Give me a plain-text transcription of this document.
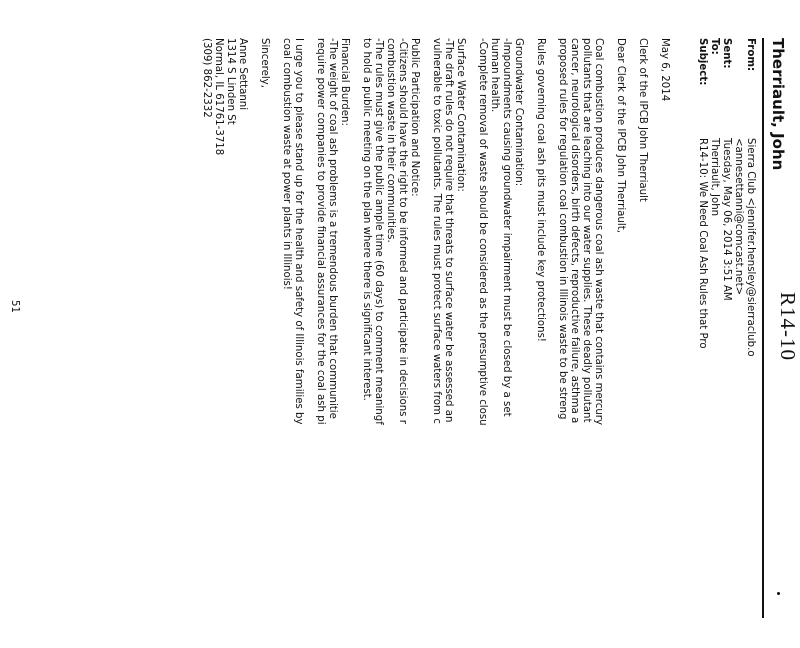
R14-10
Therriault, John
From:Sierra Club <jennifer.hensley@sierraclub.o
<annesettanni@comcast.net>
Sent:Tuesday, May 06, 2014 3:51 AM
To:Therriault, John
Subject:R14-10: We Need Coal Ash Rules that Pro
May 6, 2014
Clerk of the IPCB John Therriault
Dear Clerk of the IPCB John Therriault,
Coal combustion produces dangerous coal ash waste that contains mercury
pollutants that are leaching into our water supplies. These deadly pollutant
cancer, neurological disorders, birth defects, reproductive failure, asthma a
proposed rules for regulation coal combustion in Illinois waste to be streng
Rules governing coal ash pits must include key protections!
Groundwater Contamination:
-Impoundments causing groundwater impairment must be closed by a set
human health.
-Complete removal of waste should be considered as the presumptive closu
Surface Water Contamination:
-The draft rules do not require that threats to surface water be assessed an
vulnerable to toxic pollutants. The rules must protect surface waters from c
Public Participation and Notice:
-Citizens should have the right to be informed and participate in decisions r
combustion waste in their communities.
-The rules must give the public ample time (60 days) to comment meaningf
to hold a public meeting on the plan where there is significant interest.
Financial Burden:
-The weight of coal ash problems is a tremendous burden that communitie
require power companies to provide financial assurances for the coal ash pi
I urge you to please stand up for the health and safety of Illinois families by
coal combustion waste at power plants in Illinois!
Sincerely,
Anne Settanni
1314 S Linden St
Normal, IL 61761-3718
(309) 862-2332
51
